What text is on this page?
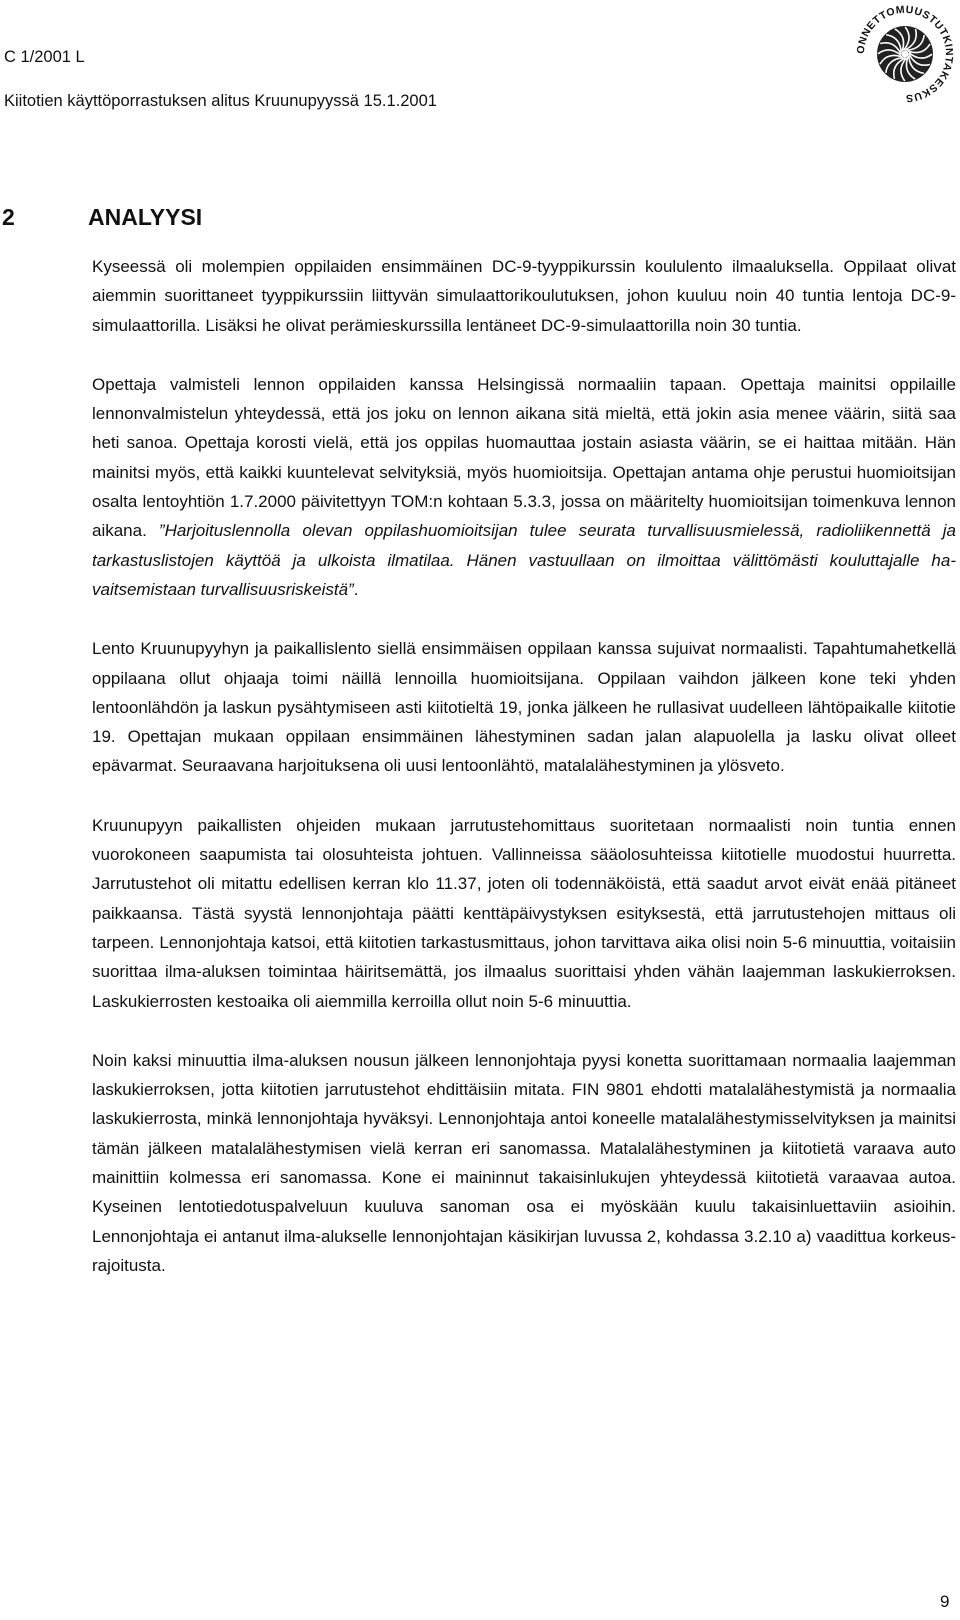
C 1/2001 L
Kiitotien käyttöporrastuksen alitus Kruunupyyssä 15.1.2001
ONNETTOMUUSTUTKINTAKESKUS
2	ANALYYSI

Kyseessä oli molempien oppilaiden ensimmäinen DC-9-tyyppikurssin koululento ilmaaluksella. Oppilaat olivat aiemmin suorittaneet tyyppikurssiin liittyvän simulaattorikoulutuksen, johon kuuluu noin 40 tuntia lentoja DC-9-simulaattorilla. Lisäksi he olivat perämieskurssilla lentäneet DC-9-simulaattorilla noin 30 tuntia.

Opettaja valmisteli lennon oppilaiden kanssa Helsingissä normaaliin tapaan. Opettaja mainitsi oppilaille lennonvalmistelun yhteydessä, että jos joku on lennon aikana sitä mieltä, että jokin asia menee väärin, siitä saa heti sanoa. Opettaja korosti vielä, että jos oppilas huomauttaa jostain asiasta väärin, se ei haittaa mitään. Hän mainitsi myös, että kaikki kuuntelevat selvityksiä, myös huomioitsija. Opettajan antama ohje perustui huomioitsijan osalta lentoyhtiön 1.7.2000 päivitettyyn TOM:n kohtaan 5.3.3, jossa on määritelty huomioitsijan toimenkuva lennon aikana. ”Harjoituslennolla olevan oppilashuomioitsijan tulee seurata turvallisuusmielessä, radioliikennettä ja tarkastuslistojen käyttöä ja ulkoista ilmatilaa. Hänen vastuullaan on ilmoittaa välittömästi kouluttajalle havaitsemistaan turvallisuusriskeistä”.

Lento Kruunupyyhyn ja paikallislento siellä ensimmäisen oppilaan kanssa sujuivat normaalisti. Tapahtumahetkellä oppilaana ollut ohjaaja toimi näillä lennoilla huomioitsijana. Oppilaan vaihdon jälkeen kone teki yhden lentoonlähdön ja laskun pysähtymiseen asti kiitotieltä 19, jonka jälkeen he rullasivat uudelleen lähtöpaikalle kiitotie 19. Opettajan mukaan oppilaan ensimmäinen lähestyminen sadan jalan alapuolella ja lasku olivat olleet epävarmat. Seuraavana harjoituksena oli uusi lentoonlähtö, matalalähestyminen ja ylösveto.

Kruunupyyn paikallisten ohjeiden mukaan jarrutustehomittaus suoritetaan normaalisti noin tuntia ennen vuorokoneen saapumista tai olosuhteista johtuen. Vallinneissa sääolosuhteissa kiitotielle muodostui huurretta. Jarrutustehot oli mitattu edellisen kerran klo 11.37, joten oli todennäköistä, että saadut arvot eivät enää pitäneet paikkaansa. Tästä syystä lennonjohtaja päätti kenttäpäivystyksen esityksestä, että jarrutustehojen mittaus oli tarpeen. Lennonjohtaja katsoi, että kiitotien tarkastusmittaus, johon tarvittava aika olisi noin 5-6 minuuttia, voitaisiin suorittaa ilma-aluksen toimintaa häiritsemättä, jos ilmaalus suorittaisi yhden vähän laajemman laskukierroksen. Laskukierrosten kestoaika oli aiemmilla kerroilla ollut noin 5-6 minuuttia.

Noin kaksi minuuttia ilma-aluksen nousun jälkeen lennonjohtaja pyysi konetta suorittamaan normaalia laajemman laskukierroksen, jotta kiitotien jarrutustehot ehdittäisiin mitata. FIN 9801 ehdotti matalalähestymistä ja normaalia laskukierrosta, minkä lennonjohtaja hyväksyi. Lennonjohtaja antoi koneelle matalalähestymisselvityksen ja mainitsi tämän jälkeen matalalähestymisen vielä kerran eri sanomassa. Matalalähestyminen ja kiitotietä varaava auto mainittiin kolmessa eri sanomassa. Kone ei maininnut takaisinlukujen yhteydessä kiitotietä varaavaa autoa. Kyseinen lentotiedotuspalveluun kuuluva sanoman osa ei myöskään kuulu takaisinluettaviin asioihin. Lennonjohtaja ei antanut ilma-alukselle lennonjohtajan käsikirjan luvussa 2, kohdassa 3.2.10 a) vaadittua korkeusrajoitusta.

9
